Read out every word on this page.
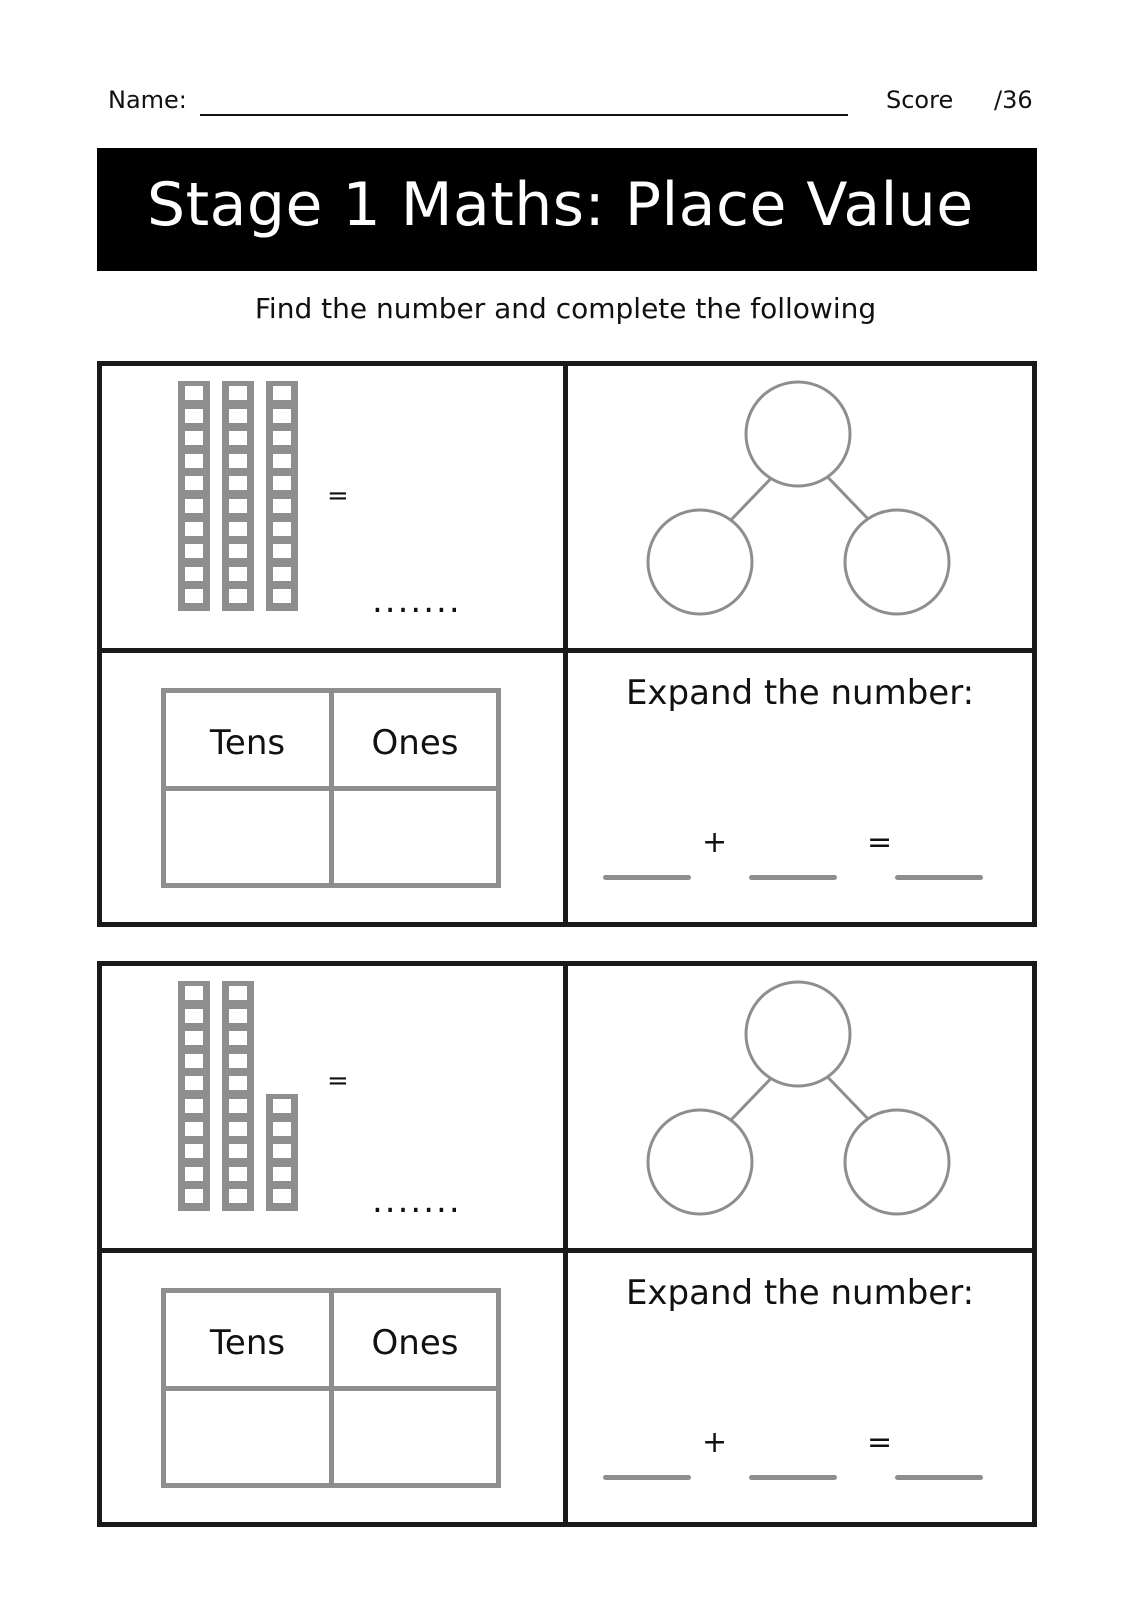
Name:	Score /36
Stage 1 Maths: Place Value
Find the number and complete the following
=
.......
Tens	Ones
Expand the number:
+	=
=
.......
Tens	Ones
Expand the number:
+	=
